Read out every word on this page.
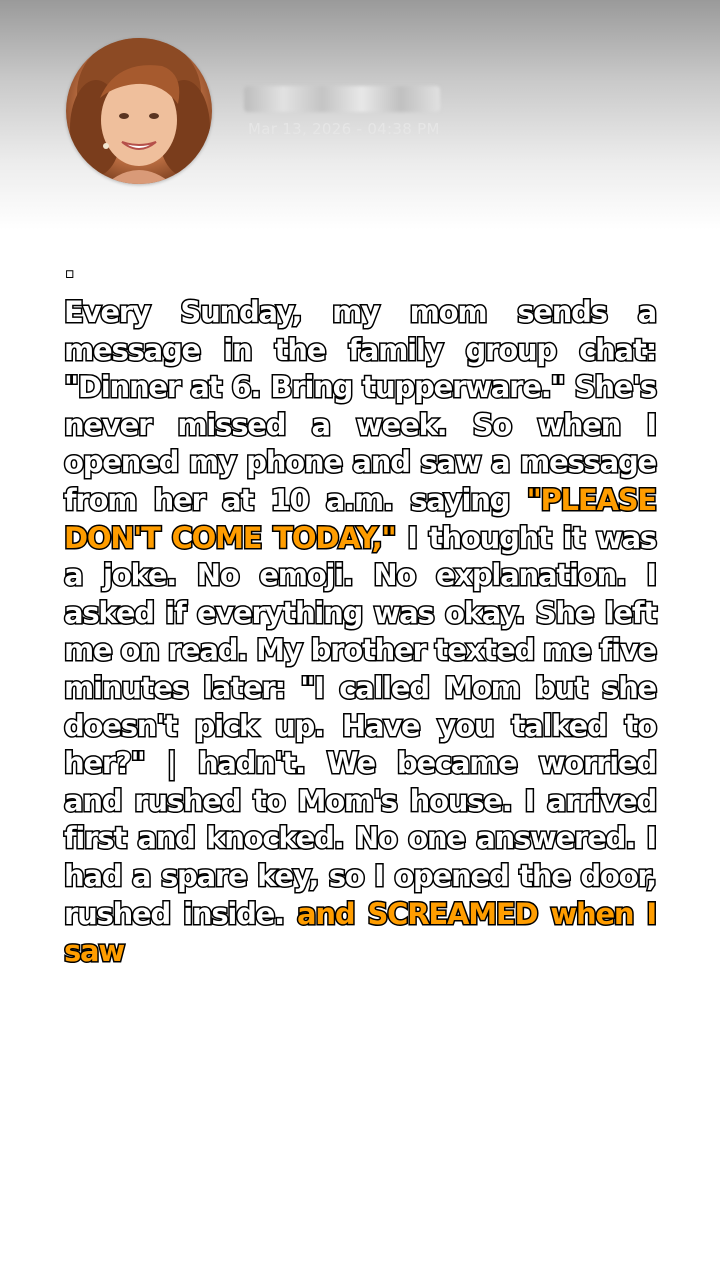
Mar 13, 2026 - 04:38 PM
.

Every Sunday, my mom sends a message in the family group chat: "Dinner at 6. Bring tupperware." She's never missed a week. So when I opened my phone and saw a message from her at 10 a.m. saying "PLEASE DON'T COME TODAY," I thought it was a joke. No emoji. No explanation. I asked if everything was okay. She left me on read. My brother texted me five minutes later: "I called Mom but she doesn't pick up. Have you talked to her?" | hadn't. We became worried and rushed to Mom's house. I arrived first and knocked. No one answered. I had a spare key, so I opened the door, rushed inside. and SCREAMED when I saw
